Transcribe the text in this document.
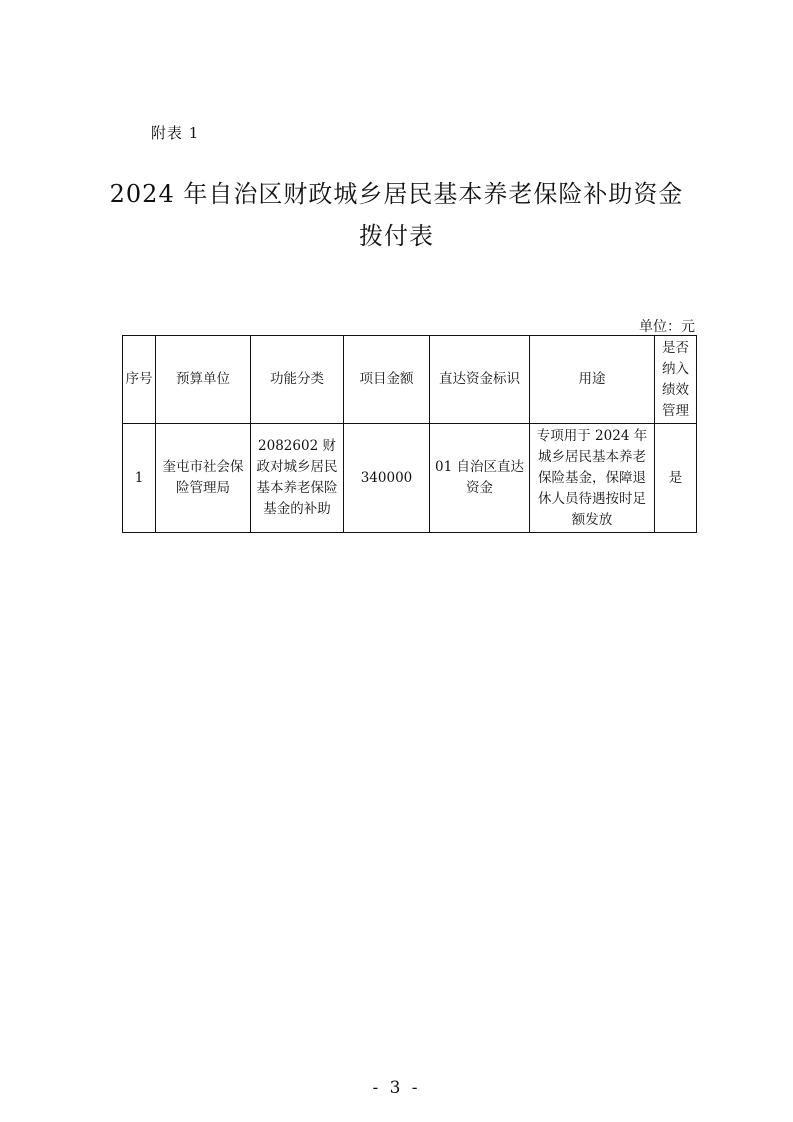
附表 1
2024 年自治区财政城乡居民基本养老保险补助资金
拨付表
单位：元
序号	预算单位	功能分类	项目金额	直达资金标识	用途	是否纳入绩效管理
1	奎屯市社会保险管理局	2082602 财政对城乡居民基本养老保险基金的补助	340000	01 自治区直达资金	专项用于 2024 年城乡居民基本养老保险基金，保障退休人员待遇按时足额发放	是
- 3 -
